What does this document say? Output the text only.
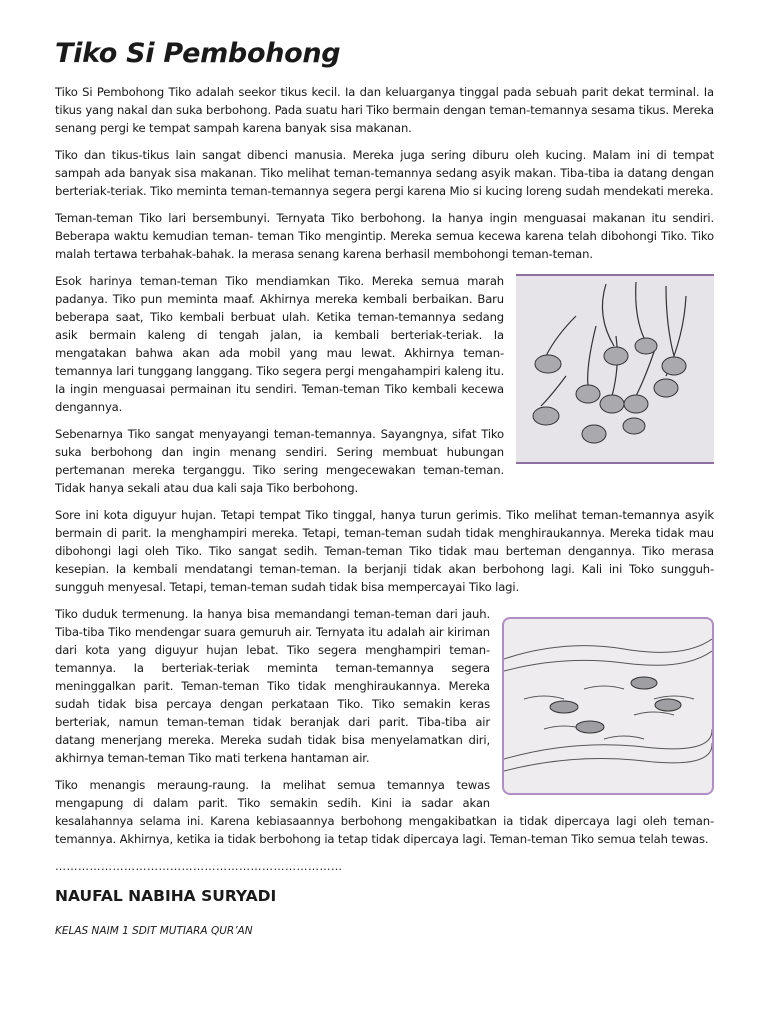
Tiko Si Pembohong

Tiko Si Pembohong Tiko adalah seekor tikus kecil. Ia dan keluarganya tinggal pada sebuah parit dekat terminal. Ia tikus yang nakal dan suka berbohong. Pada suatu hari Tiko bermain dengan teman-temannya sesama tikus. Mereka senang pergi ke tempat sampah karena banyak sisa makanan.

Tiko dan tikus-tikus lain sangat dibenci manusia. Mereka juga sering diburu oleh kucing. Malam ini di tempat sampah ada banyak sisa makanan. Tiko melihat teman-temannya sedang asyik makan. Tiba-tiba ia datang dengan berteriak-teriak. Tiko meminta teman-temannya segera pergi karena Mio si kucing loreng sudah mendekati mereka.

Teman-teman Tiko lari bersembunyi. Ternyata Tiko berbohong. Ia hanya ingin menguasai makanan itu sendiri. Beberapa waktu kemudian teman- teman Tiko mengintip. Mereka semua kecewa karena telah dibohongi Tiko. Tiko malah tertawa terbahak-bahak. Ia merasa senang karena berhasil membohongi teman-teman.

Esok harinya teman-teman Tiko mendiamkan Tiko. Mereka semua marah padanya. Tiko pun meminta maaf. Akhirnya mereka kembali berbaikan. Baru beberapa saat, Tiko kembali berbuat ulah. Ketika teman-temannya sedang asik bermain kaleng di tengah jalan, ia kembali berteriak-teriak. Ia mengatakan bahwa akan ada mobil yang mau lewat. Akhirnya teman-temannya lari tunggang langgang. Tiko segera pergi mengahampiri kaleng itu. Ia ingin menguasai permainan itu sendiri. Teman-teman Tiko kembali kecewa dengannya.

Sebenarnya Tiko sangat menyayangi teman-temannya. Sayangnya, sifat Tiko suka berbohong dan ingin menang sendiri. Sering membuat hubungan pertemanan mereka terganggu. Tiko sering mengecewakan teman-teman. Tidak hanya sekali atau dua kali saja Tiko berbohong.

Sore ini kota diguyur hujan. Tetapi tempat Tiko tinggal, hanya turun gerimis. Tiko melihat teman-temannya asyik bermain di parit. Ia menghampiri mereka. Tetapi, teman-teman sudah tidak menghiraukannya. Mereka tidak mau dibohongi lagi oleh Tiko. Tiko sangat sedih. Teman-teman Tiko tidak mau berteman dengannya. Tiko merasa kesepian. Ia kembali mendatangi teman-teman. Ia berjanji tidak akan berbohong lagi. Kali ini Toko sungguh-sungguh menyesal. Tetapi, teman-teman sudah tidak bisa mempercayai Tiko lagi.

Tiko duduk termenung. Ia hanya bisa memandangi teman-teman dari jauh. Tiba-tiba Tiko mendengar suara gemuruh air. Ternyata itu adalah air kiriman dari kota yang diguyur hujan lebat. Tiko segera menghampiri teman-temannya. Ia berteriak-teriak meminta teman-temannya segera meninggalkan parit. Teman-teman Tiko tidak menghiraukannya. Mereka sudah tidak bisa percaya dengan perkataan Tiko. Tiko semakin keras berteriak, namun teman-teman tidak beranjak dari parit. Tiba-tiba air datang menerjang mereka. Mereka sudah tidak bisa menyelamatkan diri, akhirnya teman-teman Tiko mati terkena hantaman air.

Tiko menangis meraung-raung. Ia melihat semua temannya tewas mengapung di dalam parit. Tiko semakin sedih. Kini ia sadar akan kesalahannya selama ini. Karena kebiasaannya berbohong mengakibatkan ia tidak dipercaya lagi oleh teman-temannya. Akhirnya, ketika ia tidak berbohong ia tetap tidak dipercaya lagi. Teman-teman Tiko semua telah tewas.

…………………………………………………………………
NAUFAL NABIHA SURYADI
KELAS NAIM 1 SDIT MUTIARA QUR’AN
